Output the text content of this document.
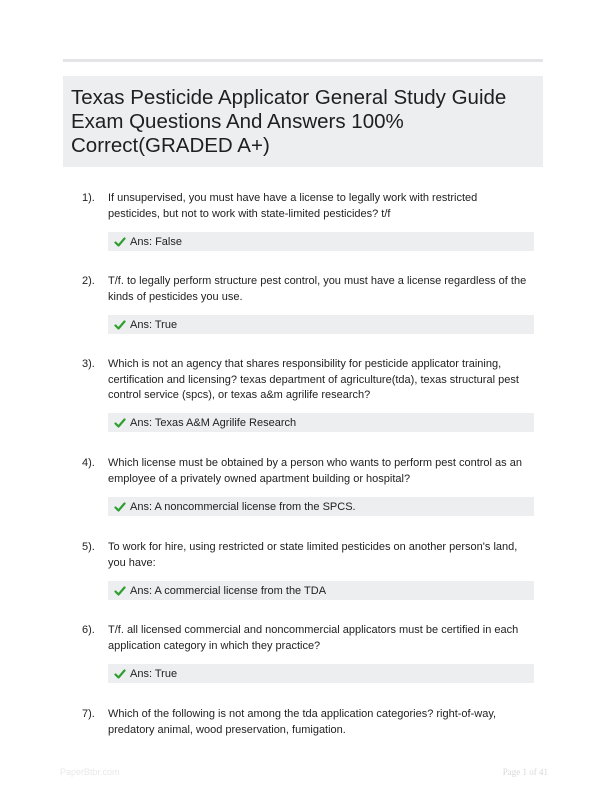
Texas Pesticide Applicator General Study Guide Exam Questions And Answers 100% Correct(GRADED A+)
1). If unsupervised, you must have have a license to legally work with restricted pesticides, but not to work with state-limited pesticides? t/f

Ans: False
2). T/f. to legally perform structure pest control, you must have a license regardless of the kinds of pesticides you use.

Ans: True
3). Which is not an agency that shares responsibility for pesticide applicator training, certification and licensing? texas department of agriculture(tda), texas structural pest control service (spcs), or texas a&m agrilife research?

Ans: Texas A&M Agrilife Research
4). Which license must be obtained by a person who wants to perform pest control as an employee of a privately owned apartment building or hospital?

Ans: A noncommercial license from the SPCS.
5). To work for hire, using restricted or state limited pesticides on another person's land, you have:

Ans: A commercial license from the TDA
6). T/f. all licensed commercial and noncommercial applicators must be certified in each application category in which they practice?

Ans: True
7). Which of the following is not among the tda application categories? right-of-way, predatory animal, wood preservation, fumigation.

PaperBtbr.com	Page 1 of 41
